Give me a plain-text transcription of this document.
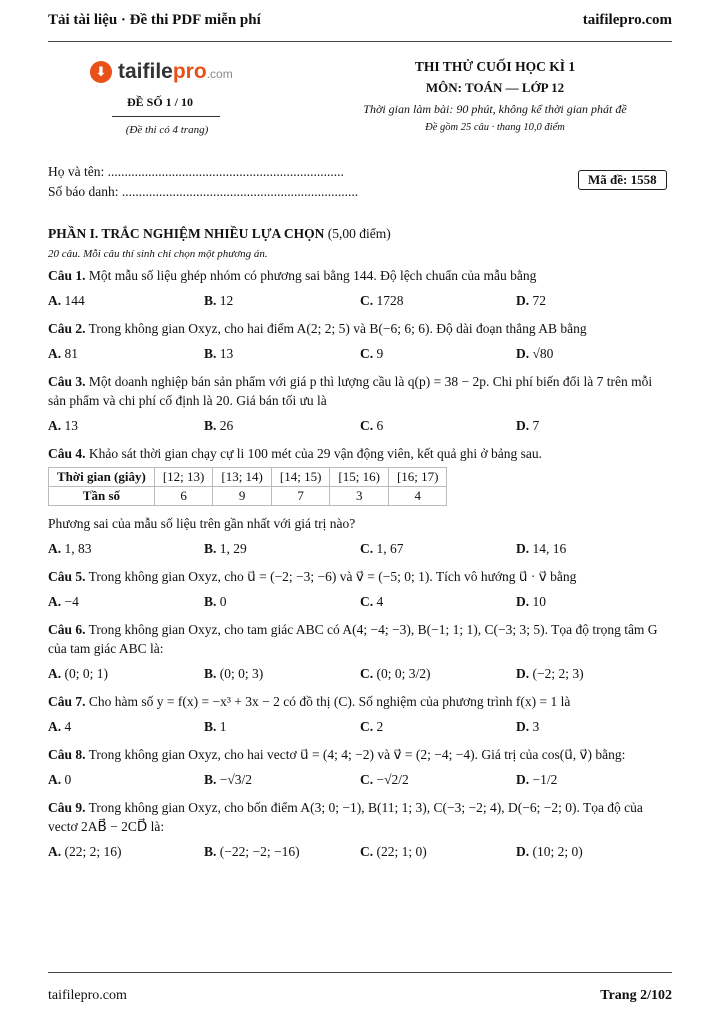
Tải tài liệu · Đề thi PDF miễn phí	taifilepro.com
⬇ taifilepro.com
ĐỀ SỐ 1 / 10
(Đề thi có 4 trang)
THI THỬ CUỐI HỌC KÌ 1
MÔN: TOÁN — LỚP 12
Thời gian làm bài: 90 phút, không kể thời gian phát đề
Đề gồm 25 câu · thang 10,0 điểm
Họ và tên: ......................................................................
Số báo danh: ......................................................................
Mã đề: 1558
PHẦN I. TRẮC NGHIỆM NHIỀU LỰA CHỌN (5,00 điểm)
20 câu. Mỗi câu thí sinh chỉ chọn một phương án.
Câu 1. Một mẫu số liệu ghép nhóm có phương sai bằng 144. Độ lệch chuẩn của mẫu bằng
A. 144	B. 12	C. 1728	D. 72
Câu 2. Trong không gian Oxyz, cho hai điểm A(2; 2; 5) và B(−6; 6; 6). Độ dài đoạn thẳng AB bằng
A. 81	B. 13	C. 9	D. √80
Câu 3. Một doanh nghiệp bán sản phẩm với giá p thì lượng cầu là q(p) = 38 − 2p. Chi phí biến đổi là 7 trên mỗi sản phẩm và chi phí cố định là 20. Giá bán tối ưu là
A. 13	B. 26	C. 6	D. 7
Câu 4. Khảo sát thời gian chạy cự li 100 mét của 29 vận động viên, kết quả ghi ở bảng sau.
Thời gian (giây)	[12; 13)	[13; 14)	[14; 15)	[15; 16)	[16; 17)
Tần số	6	9	7	3	4
Phương sai của mẫu số liệu trên gần nhất với giá trị nào?
A. 1, 83	B. 1, 29	C. 1, 67	D. 14, 16
Câu 5. Trong không gian Oxyz, cho u⃗ = (−2; −3; −6) và v⃗ = (−5; 0; 1). Tích vô hướng u⃗ · v⃗ bằng
A. −4	B. 0	C. 4	D. 10
Câu 6. Trong không gian Oxyz, cho tam giác ABC có A(4; −4; −3), B(−1; 1; 1), C(−3; 3; 5). Tọa độ trọng tâm G của tam giác ABC là:
A. (0; 0; 1)	B. (0; 0; 3)	C. (0; 0; 3/2)	D. (−2; 2; 3)
Câu 7. Cho hàm số y = f(x) = −x³ + 3x − 2 có đồ thị (C). Số nghiệm của phương trình f(x) = 1 là
A. 4	B. 1	C. 2	D. 3
Câu 8. Trong không gian Oxyz, cho hai vectơ u⃗ = (4; 4; −2) và v⃗ = (2; −4; −4). Giá trị của cos(u⃗, v⃗) bằng:
A. 0	B. −√3/2	C. −√2/2	D. −1/2
Câu 9. Trong không gian Oxyz, cho bốn điểm A(3; 0; −1), B(11; 1; 3), C(−3; −2; 4), D(−6; −2; 0). Tọa độ của vectơ 2AB⃗ − 2CD⃗ là:
A. (22; 2; 16)	B. (−22; −2; −16)	C. (22; 1; 0)	D. (10; 2; 0)
taifilepro.com	Trang 2/102
